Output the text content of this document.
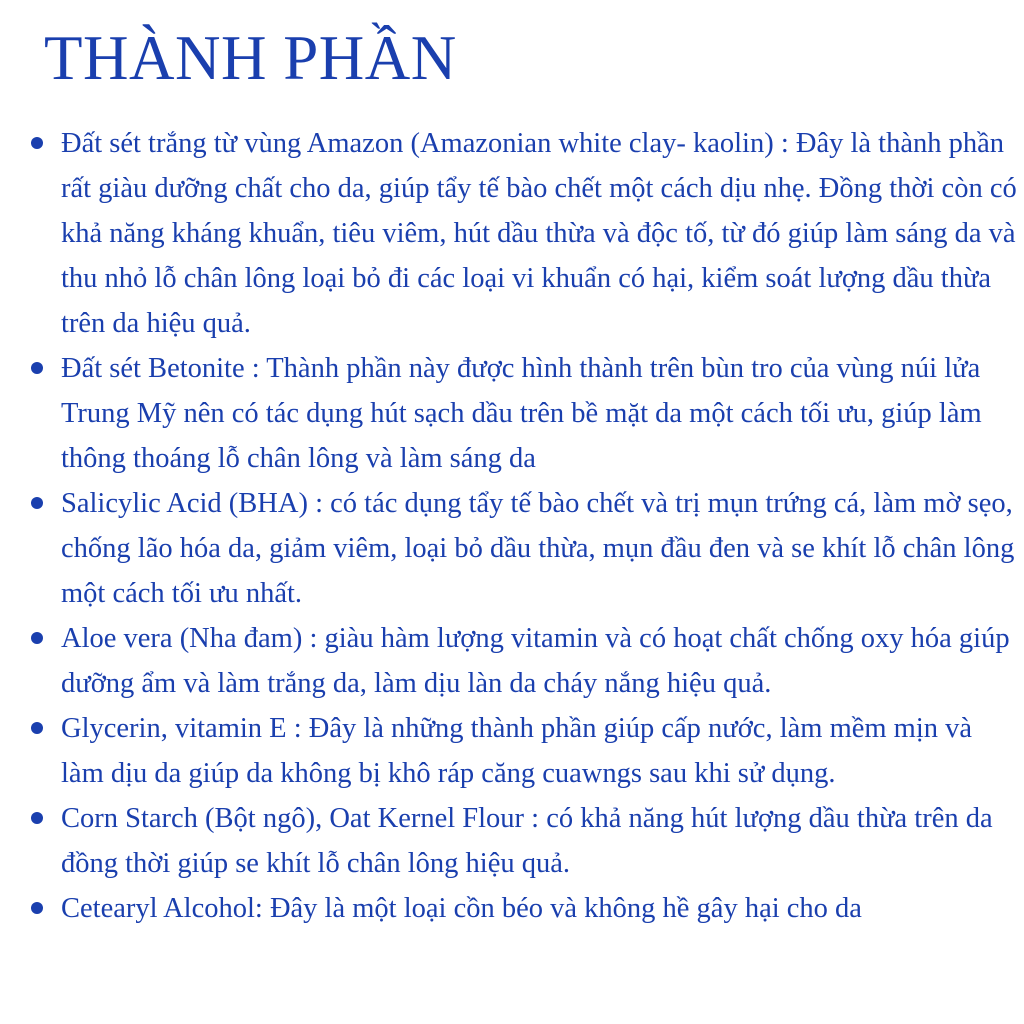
THÀNH PHẦN
Đất sét trắng từ vùng Amazon (Amazonian white clay- kaolin) : Đây là thành phần rất giàu dưỡng chất cho da, giúp tẩy tế bào chết một cách dịu nhẹ. Đồng thời còn có khả năng kháng khuẩn, tiêu viêm, hút dầu thừa và độc tố, từ đó giúp làm sáng da và thu nhỏ lỗ chân lông loại bỏ đi các loại vi khuẩn có hại, kiểm soát lượng dầu thừa trên da hiệu quả.
Đất sét Betonite : Thành phần này được hình thành trên bùn tro của vùng núi lửa Trung Mỹ nên có tác dụng hút sạch dầu trên bề mặt da một cách tối ưu, giúp làm thông thoáng lỗ chân lông và làm sáng da
Salicylic Acid (BHA) : có tác dụng tẩy tế bào chết và trị mụn trứng cá, làm mờ sẹo, chống lão hóa da, giảm viêm, loại bỏ dầu thừa, mụn đầu đen và se khít lỗ chân lông một cách tối ưu nhất.
Aloe vera (Nha đam) : giàu hàm lượng vitamin và có hoạt chất chống oxy hóa giúp dưỡng ẩm và làm trắng da, làm dịu làn da cháy nắng hiệu quả.
Glycerin, vitamin E : Đây là những thành phần giúp cấp nước, làm mềm mịn và làm dịu da giúp da không bị khô ráp căng cuawngs sau khi sử dụng.
Corn Starch (Bột ngô), Oat Kernel Flour : có khả năng hút lượng dầu thừa trên da đồng thời giúp se khít lỗ chân lông hiệu quả.
Cetearyl Alcohol: Đây là một loại cồn béo và không hề gây hại cho da
